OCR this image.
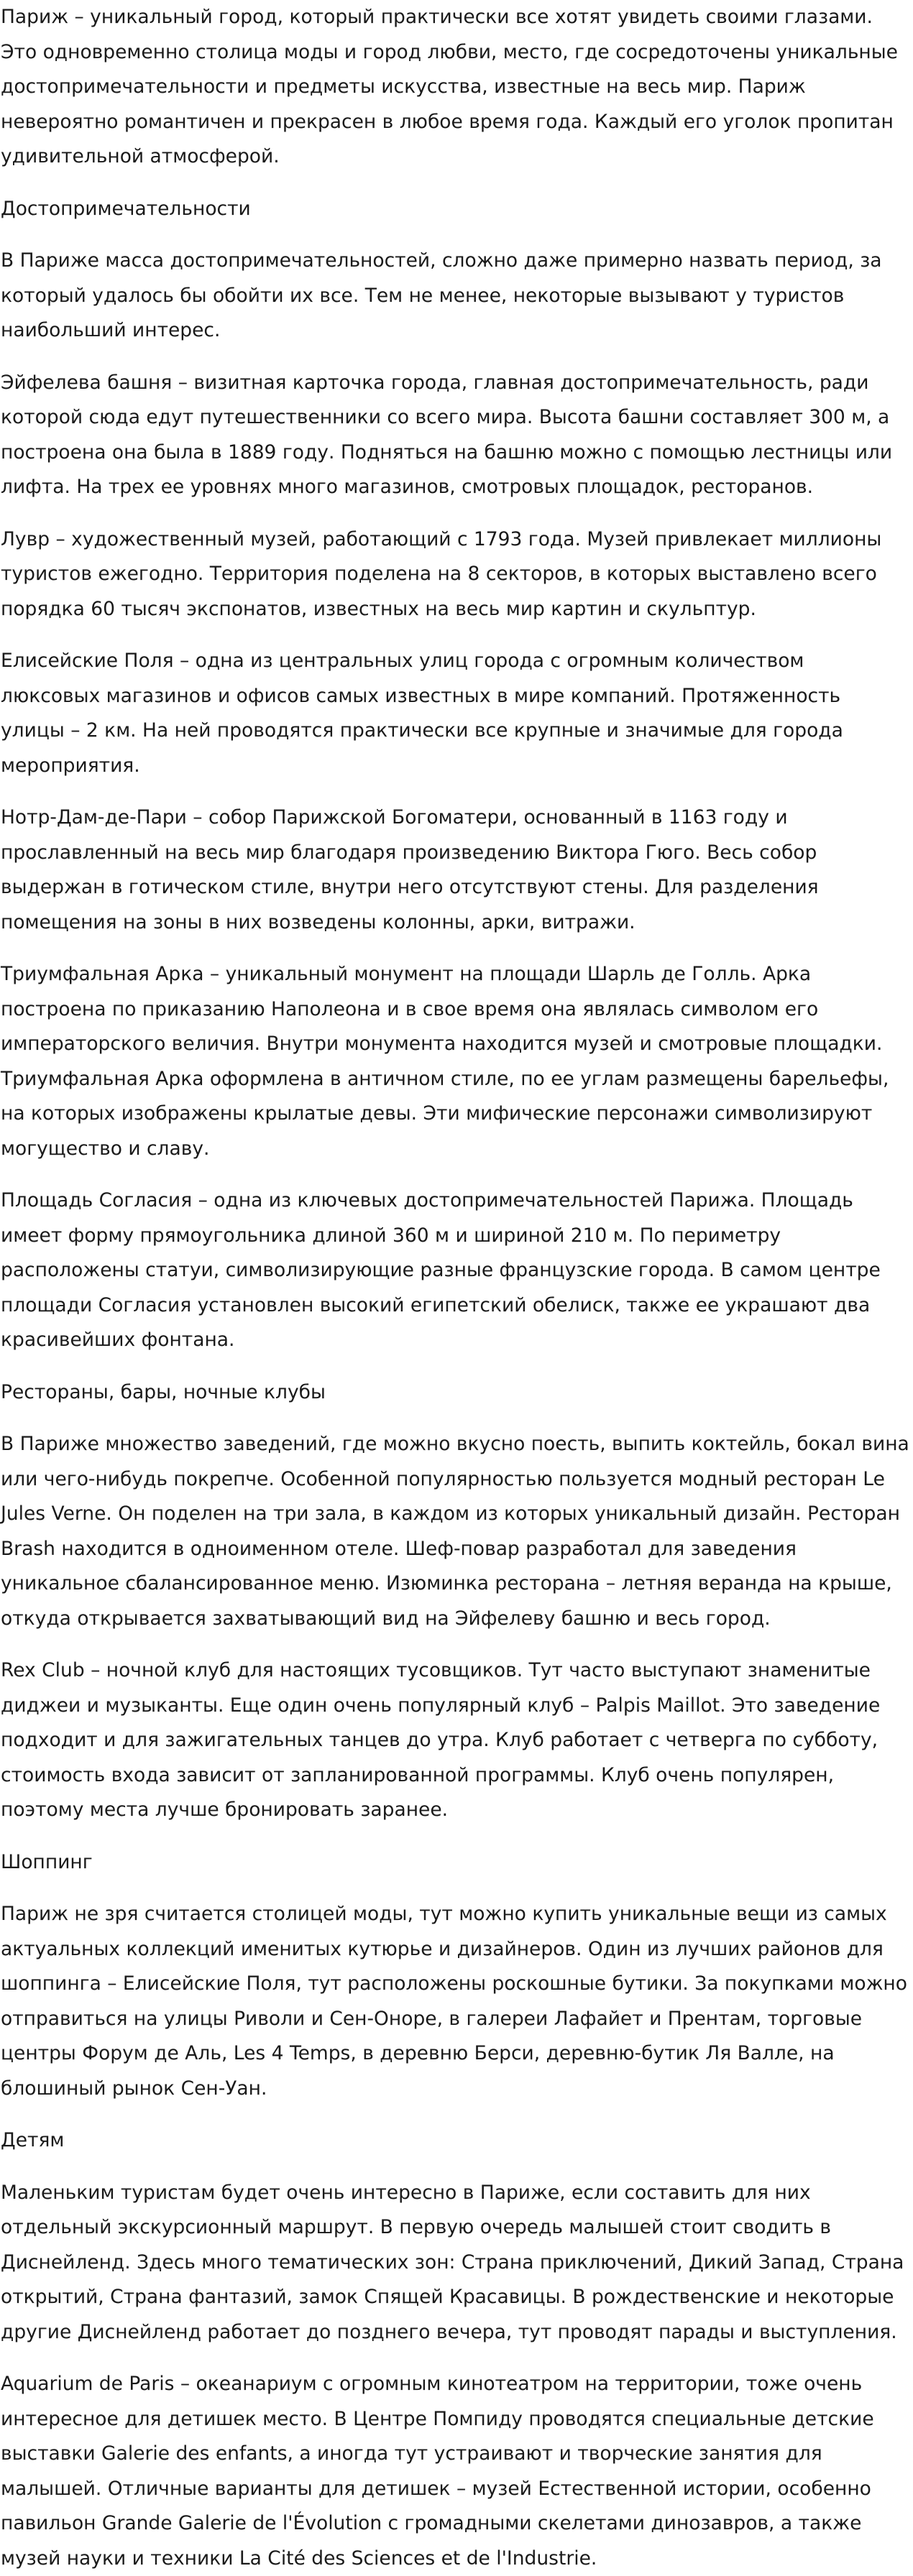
Париж – уникальный город, который практически все хотят увидеть своими глазами. Это одновременно столица моды и город любви, место, где сосредоточены уникальные достопримечательности и предметы искусства, известные на весь мир. Париж невероятно романтичен и прекрасен в любое время года. Каждый его уголок пропитан удивительной атмосферой.

Достопримечательности

В Париже масса достопримечательностей, сложно даже примерно назвать период, за который удалось бы обойти их все. Тем не менее, некоторые вызывают у туристов наибольший интерес.

Эйфелева башня – визитная карточка города, главная достопримечательность, ради которой сюда едут путешественники со всего мира. Высота башни составляет 300 м, а построена она была в 1889 году. Подняться на башню можно с помощью лестницы или лифта. На трех ее уровнях много магазинов, смотровых площадок, ресторанов.

Лувр – художественный музей, работающий с 1793 года. Музей привлекает миллионы туристов ежегодно. Территория поделена на 8 секторов, в которых выставлено всего порядка 60 тысяч экспонатов, известных на весь мир картин и скульптур.

Елисейские Поля – одна из центральных улиц города с огромным количеством люксовых магазинов и офисов самых известных в мире компаний. Протяженность улицы – 2 км. На ней проводятся практически все крупные и значимые для города мероприятия.

Нотр-Дам-де-Пари – собор Парижской Богоматери, основанный в 1163 году и прославленный на весь мир благодаря произведению Виктора Гюго. Весь собор выдержан в готическом стиле, внутри него отсутствуют стены. Для разделения помещения на зоны в них возведены колонны, арки, витражи.

Триумфальная Арка – уникальный монумент на площади Шарль де Голль. Арка построена по приказанию Наполеона и в свое время она являлась символом его императорского величия. Внутри монумента находится музей и смотровые площадки. Триумфальная Арка оформлена в античном стиле, по ее углам размещены барельефы, на которых изображены крылатые девы. Эти мифические персонажи символизируют могущество и славу.

Площадь Согласия – одна из ключевых достопримечательностей Парижа. Площадь имеет форму прямоугольника длиной 360 м и шириной 210 м. По периметру расположены статуи, символизирующие разные французские города. В самом центре площади Согласия установлен высокий египетский обелиск, также ее украшают два красивейших фонтана.

Рестораны, бары, ночные клубы

В Париже множество заведений, где можно вкусно поесть, выпить коктейль, бокал вина или чего-нибудь покрепче. Особенной популярностью пользуется модный ресторан Le Jules Verne. Он поделен на три зала, в каждом из которых уникальный дизайн. Ресторан Brash находится в одноименном отеле. Шеф-повар разработал для заведения уникальное сбалансированное меню. Изюминка ресторана – летняя веранда на крыше, откуда открывается захватывающий вид на Эйфелеву башню и весь город.

Rex Club – ночной клуб для настоящих тусовщиков. Тут часто выступают знаменитые диджеи и музыканты. Еще один очень популярный клуб – Palpis Maillot. Это заведение подходит и для зажигательных танцев до утра. Клуб работает с четверга по субботу, стоимость входа зависит от запланированной программы. Клуб очень популярен, поэтому места лучше бронировать заранее.

Шоппинг

Париж не зря считается столицей моды, тут можно купить уникальные вещи из самых актуальных коллекций именитых кутюрье и дизайнеров. Один из лучших районов для шоппинга – Елисейские Поля, тут расположены роскошные бутики. За покупками можно отправиться на улицы Риволи и Сен-Оноре, в галереи Лафайет и Прентам, торговые центры Форум де Аль, Les 4 Temps, в деревню Берси, деревню-бутик Ля Валле, на блошиный рынок Сен-Уан.

Детям

Маленьким туристам будет очень интересно в Париже, если составить для них отдельный экскурсионный маршрут. В первую очередь малышей стоит сводить в Диснейленд. Здесь много тематических зон: Страна приключений, Дикий Запад, Страна открытий, Страна фантазий, замок Спящей Красавицы. В рождественские и некоторые другие Диснейленд работает до позднего вечера, тут проводят парады и выступления.

Aquarium de Paris – океанариум с огромным кинотеатром на территории, тоже очень интересное для детишек место. В Центре Помпиду проводятся специальные детские выставки Galerie des enfants, а иногда тут устраивают и творческие занятия для малышей. Отличные варианты для детишек – музей Естественной истории, особенно павильон Grande Galerie de l'Évolution с громадными скелетами динозавров, а также музей науки и техники La Cité des Sciences et de l'Industrie.
